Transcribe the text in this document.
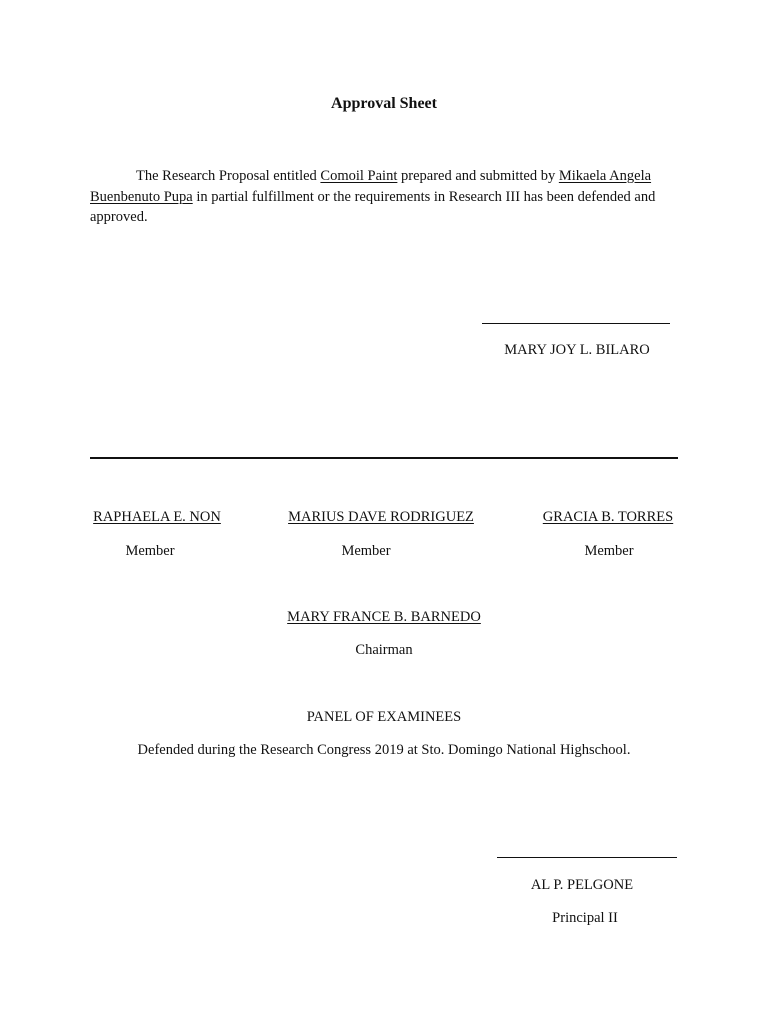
Approval Sheet
The Research Proposal entitled Comoil Paint prepared and submitted by Mikaela Angela Buenbenuto Pupa in partial fulfillment or the requirements in Research III has been defended and approved.
MARY JOY L. BILARO
RAPHAELA E. NON
Member
MARIUS DAVE RODRIGUEZ
Member
GRACIA B. TORRES
Member
MARY FRANCE B. BARNEDO
Chairman
PANEL OF EXAMINEES
Defended during the Research Congress 2019 at Sto. Domingo National Highschool.
AL P. PELGONE
Principal II
